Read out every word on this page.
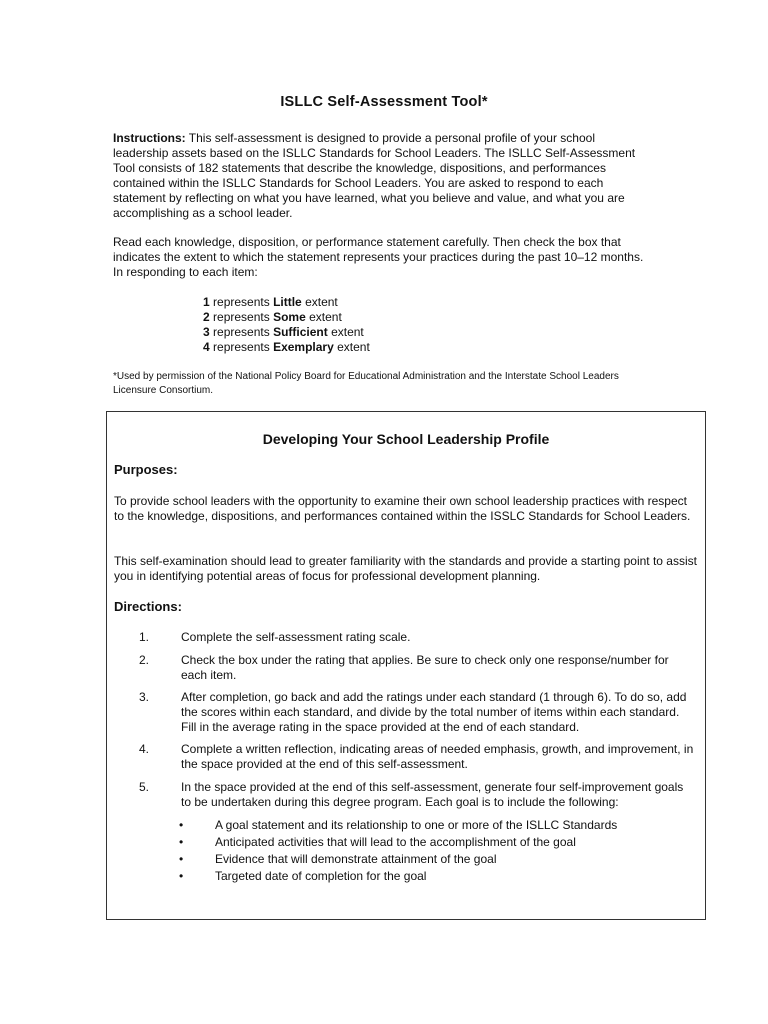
ISLLC Self-Assessment Tool*

Instructions: This self-assessment is designed to provide a personal profile of your school leadership assets based on the ISLLC Standards for School Leaders. The ISLLC Self-Assessment Tool consists of 182 statements that describe the knowledge, dispositions, and performances contained within the ISLLC Standards for School Leaders. You are asked to respond to each statement by reflecting on what you have learned, what you believe and value, and what you are accomplishing as a school leader.

Read each knowledge, disposition, or performance statement carefully. Then check the box that indicates the extent to which the statement represents your practices during the past 10–12 months. In responding to each item:

1 represents Little extent
2 represents Some extent
3 represents Sufficient extent
4 represents Exemplary extent
*Used by permission of the National Policy Board for Educational Administration and the Interstate School Leaders Licensure Consortium.
Developing Your School Leadership Profile
Purposes:

To provide school leaders with the opportunity to examine their own school leadership practices with respect to the knowledge, dispositions, and performances contained within the ISSLC Standards for School Leaders.

This self-examination should lead to greater familiarity with the standards and provide a starting point to assist you in identifying potential areas of focus for professional development planning.

Directions:
1.	Complete the self-assessment rating scale.
2.	Check the box under the rating that applies. Be sure to check only one response/number for each item.
3.	After completion, go back and add the ratings under each standard (1 through 6). To do so, add the scores within each standard, and divide by the total number of items within each standard. Fill in the average rating in the space provided at the end of each standard.
4.	Complete a written reflection, indicating areas of needed emphasis, growth, and improvement, in the space provided at the end of this self-assessment.
5.	In the space provided at the end of this self-assessment, generate four self-improvement goals to be undertaken during this degree program. Each goal is to include the following:
•	A goal statement and its relationship to one or more of the ISLLC Standards
•	Anticipated activities that will lead to the accomplishment of the goal
•	Evidence that will demonstrate attainment of the goal
•	Targeted date of completion for the goal
